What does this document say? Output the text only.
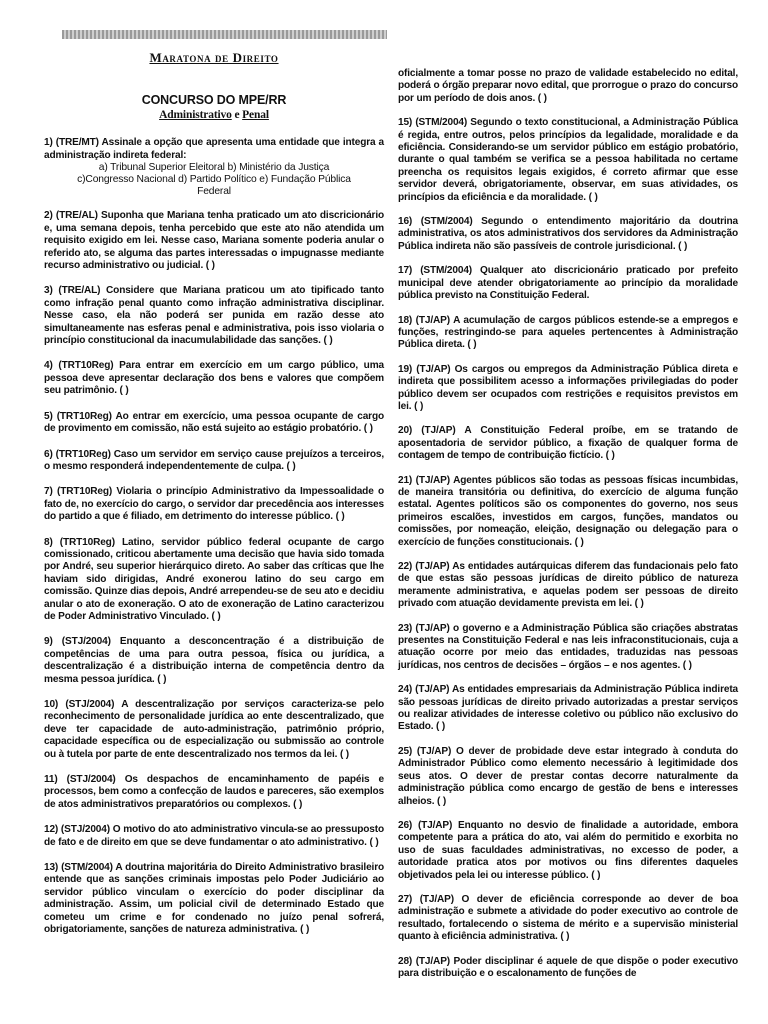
Maratona de Direito
CONCURSO DO MPE/RR
Administrativo e Penal
1) (TRE/MT) Assinale a opção que apresenta uma entidade que integra a administração indireta federal:
a) Tribunal Superior Eleitoral b) Ministério da Justiça
c)Congresso Nacional d) Partido Político e) Fundação Pública
Federal
2) (TRE/AL) Suponha que Mariana tenha praticado um ato discricionário e, uma semana depois, tenha percebido que este ato não atendida um requisito exigido em lei. Nesse caso, Mariana somente poderia anular o referido ato, se alguma das partes interessadas o impugnasse mediante recurso administrativo ou judicial. ( )
3) (TRE/AL) Considere que Mariana praticou um ato tipificado tanto como infração penal quanto como infração administrativa disciplinar. Nesse caso, ela não poderá ser punida em razão desse ato simultaneamente nas esferas penal e administrativa, pois isso violaria o princípio constitucional da inacumulabilidade das sanções. ( )
4) (TRT10Reg) Para entrar em exercício em um cargo público, uma pessoa deve apresentar declaração dos bens e valores que compõem seu patrimônio. ( )
5) (TRT10Reg) Ao entrar em exercício, uma pessoa ocupante de cargo de provimento em comissão, não está sujeito ao estágio probatório. ( )
6) (TRT10Reg) Caso um servidor em serviço cause prejuízos a terceiros, o mesmo responderá independentemente de culpa. ( )
7) (TRT10Reg) Violaria o princípio Administrativo da Impessoalidade o fato de, no exercício do cargo, o servidor dar precedência aos interesses do partido a que é filiado, em detrimento do interesse público. ( )
8) (TRT10Reg) Latino, servidor público federal ocupante de cargo comissionado, criticou abertamente uma decisão que havia sido tomada por André, seu superior hierárquico direto. Ao saber das críticas que lhe haviam sido dirigidas, André exonerou latino do seu cargo em comissão. Quinze dias depois, André arrependeu-se de seu ato e decidiu anular o ato de exoneração. O ato de exoneração de Latino caracterizou de Poder Administrativo Vinculado. ( )
9) (STJ/2004) Enquanto a desconcentração é a distribuição de competências de uma para outra pessoa, física ou jurídica, a descentralização é a distribuição interna de competência dentro da mesma pessoa jurídica. ( )
10) (STJ/2004) A descentralização por serviços caracteriza-se pelo reconhecimento de personalidade jurídica ao ente descentralizado, que deve ter capacidade de auto-administração, patrimônio próprio, capacidade específica ou de especialização ou submissão ao controle ou à tutela por parte de ente descentralizado nos termos da lei. ( )
11) (STJ/2004) Os despachos de encaminhamento de papéis e processos, bem como a confecção de laudos e pareceres, são exemplos de atos administrativos preparatórios ou complexos. ( )
12) (STJ/2004) O motivo do ato administrativo vincula-se ao pressuposto de fato e de direito em que se deve fundamentar o ato administrativo. ( )
13) (STM/2004) A doutrina majoritária do Direito Administrativo brasileiro entende que as sanções criminais impostas pelo Poder Judiciário ao servidor público vinculam o exercício do poder disciplinar da administração. Assim, um policial civil de determinado Estado que cometeu um crime e for condenado no juízo penal sofrerá, obrigatoriamente, sanções de natureza administrativa. ( )
oficialmente a tomar posse no prazo de validade estabelecido no edital, poderá o órgão preparar novo edital, que prorrogue o prazo do concurso por um período de dois anos. ( )
15) (STM/2004) Segundo o texto constitucional, a Administração Pública é regida, entre outros, pelos princípios da legalidade, moralidade e da eficiência. Considerando-se um servidor público em estágio probatório, durante o qual também se verifica se a pessoa habilitada no certame preencha os requisitos legais exigidos, é correto afirmar que esse servidor deverá, obrigatoriamente, observar, em suas atividades, os princípios da eficiência e da moralidade. ( )
16) (STM/2004) Segundo o entendimento majoritário da doutrina administrativa, os atos administrativos dos servidores da Administração Pública indireta não são passíveis de controle jurisdicional. ( )
17) (STM/2004) Qualquer ato discricionário praticado por prefeito municipal deve atender obrigatoriamente ao princípio da moralidade pública previsto na Constituição Federal.
18) (TJ/AP) A acumulação de cargos públicos estende-se a empregos e funções, restringindo-se para aqueles pertencentes à Administração Pública direta. ( )
19) (TJ/AP) Os cargos ou empregos da Administração Pública direta e indireta que possibilitem acesso a informações privilegiadas do poder público devem ser ocupados com restrições e requisitos previstos em lei. ( )
20) (TJ/AP) A Constituição Federal proíbe, em se tratando de aposentadoria de servidor público, a fixação de qualquer forma de contagem de tempo de contribuição fictício. ( )
21) (TJ/AP) Agentes públicos são todas as pessoas físicas incumbidas, de maneira transitória ou definitiva, do exercício de alguma função estatal. Agentes políticos são os componentes do governo, nos seus primeiros escalões, investidos em cargos, funções, mandatos ou comissões, por nomeação, eleição, designação ou delegação para o exercício de funções constitucionais. ( )
22) (TJ/AP) As entidades autárquicas diferem das fundacionais pelo fato de que estas são pessoas jurídicas de direito público de natureza meramente administrativa, e aquelas podem ser pessoas de direito privado com atuação devidamente prevista em lei. ( )
23) (TJ/AP) o governo e a Administração Pública são criações abstratas presentes na Constituição Federal e nas leis infraconstitucionais, cuja a atuação ocorre por meio das entidades, traduzidas nas pessoas jurídicas, nos centros de decisões – órgãos – e nos agentes. ( )
24) (TJ/AP) As entidades empresariais da Administração Pública indireta são pessoas jurídicas de direito privado autorizadas a prestar serviços ou realizar atividades de interesse coletivo ou público não exclusivo do Estado. ( )
25) (TJ/AP) O dever de probidade deve estar integrado à conduta do Administrador Público como elemento necessário à legitimidade dos seus atos. O dever de prestar contas decorre naturalmente da administração pública como encargo de gestão de bens e interesses alheios. ( )
26) (TJ/AP) Enquanto no desvio de finalidade a autoridade, embora competente para a prática do ato, vai além do permitido e exorbita no uso de suas faculdades administrativas, no excesso de poder, a autoridade pratica atos por motivos ou fins diferentes daqueles objetivados pela lei ou interesse público. ( )
27) (TJ/AP) O dever de eficiência corresponde ao dever de boa administração e submete a atividade do poder executivo ao controle de resultado, fortalecendo o sistema de mérito e a supervisão ministerial quanto à eficiência administrativa. ( )
28) (TJ/AP) Poder disciplinar é aquele de que dispõe o poder executivo para distribuição e o escalonamento de funções de
